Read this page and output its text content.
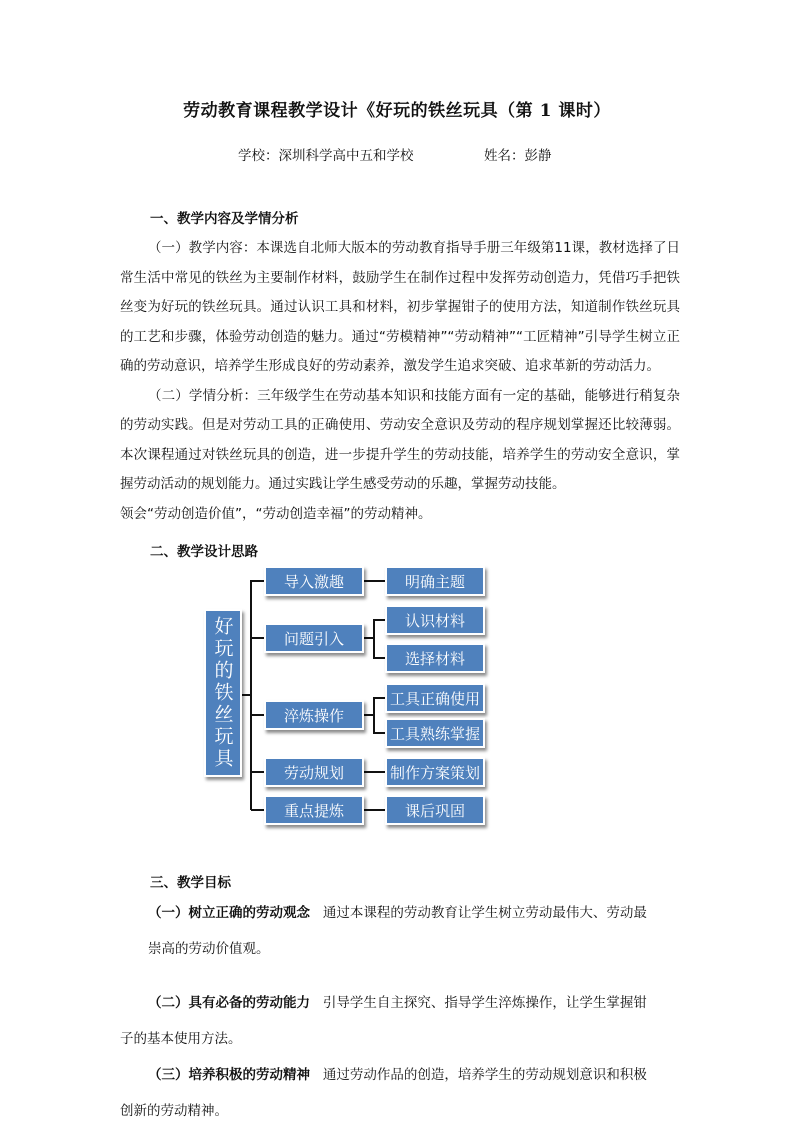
劳动教育课程教学设计《好玩的铁丝玩具（第 1 课时）
学校：深圳科学高中五和学校	姓名：彭静
一、教学内容及学情分析

（一）教学内容：本课选自北师大版本的劳动教育指导手册三年级第11课，教材选择了日常生活中常见的铁丝为主要制作材料，鼓励学生在制作过程中发挥劳动创造力，凭借巧手把铁丝变为好玩的铁丝玩具。通过认识工具和材料，初步掌握钳子的使用方法，知道制作铁丝玩具的工艺和步骤，体验劳动创造的魅力。通过“劳模精神”“劳动精神”“工匠精神”引导学生树立正确的劳动意识，培养学生形成良好的劳动素养，激发学生追求突破、追求革新的劳动活力。

（二）学情分析：三年级学生在劳动基本知识和技能方面有一定的基础，能够进行稍复杂的劳动实践。但是对劳动工具的正确使用、劳动安全意识及劳动的程序规划掌握还比较薄弱。本次课程通过对铁丝玩具的创造，进一步提升学生的劳动技能，培养学生的劳动安全意识，掌握劳动活动的规划能力。通过实践让学生感受劳动的乐趣，掌握劳动技能。

领会“劳动创造价值”，“劳动创造幸福”的劳动精神。

二、教学设计思路
好玩的铁丝玩具
导入激趣
问题引入
淬炼操作
劳动规划
重点提炼
明确主题
认识材料
选择材料
工具正确使用
工具熟练掌握
制作方案策划
课后巩固
三、教学目标

（一）树立正确的劳动观念 通过本课程的劳动教育让学生树立劳动最伟大、劳动最

崇高的劳动价值观。

（二）具有必备的劳动能力 引导学生自主探究、指导学生淬炼操作，让学生掌握钳

子的基本使用方法。

（三）培养积极的劳动精神 通过劳动作品的创造，培养学生的劳动规划意识和积极

创新的劳动精神。
